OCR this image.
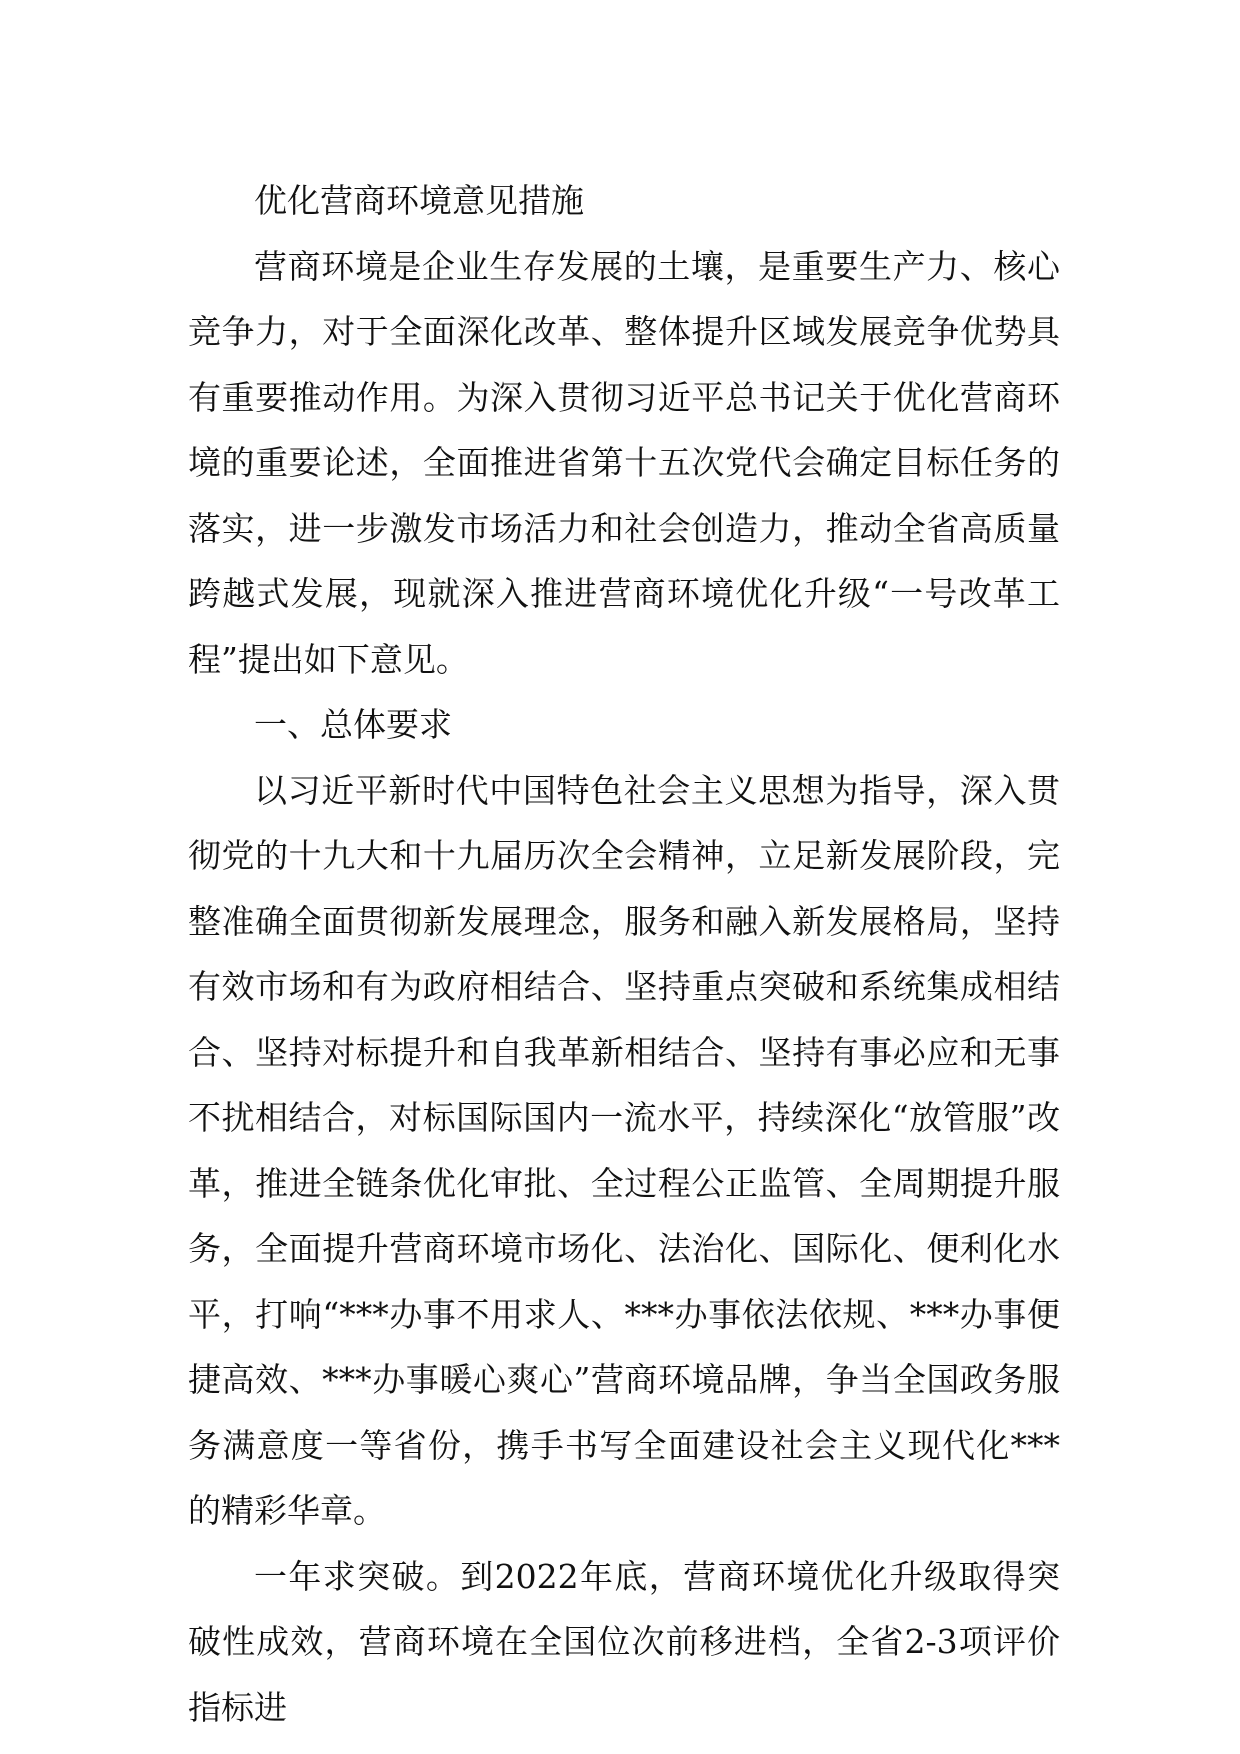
优化营商环境意见措施

营商环境是企业生存发展的土壤，是重要生产力、核心竞争力，对于全面深化改革、整体提升区域发展竞争优势具有重要推动作用。为深入贯彻习近平总书记关于优化营商环境的重要论述，全面推进省第十五次党代会确定目标任务的落实，进一步激发市场活力和社会创造力，推动全省高质量跨越式发展，现就深入推进营商环境优化升级“一号改革工程”提出如下意见。

一、总体要求

以习近平新时代中国特色社会主义思想为指导，深入贯彻党的十九大和十九届历次全会精神，立足新发展阶段，完整准确全面贯彻新发展理念，服务和融入新发展格局，坚持有效市场和有为政府相结合、坚持重点突破和系统集成相结合、坚持对标提升和自我革新相结合、坚持有事必应和无事不扰相结合，对标国际国内一流水平，持续深化“放管服”改革，推进全链条优化审批、全过程公正监管、全周期提升服务，全面提升营商环境市场化、法治化、国际化、便利化水平，打响“***办事不用求人、***办事依法依规、***办事便捷高效、***办事暖心爽心”营商环境品牌，争当全国政务服务满意度一等省份，携手书写全面建设社会主义现代化***的精彩华章。

一年求突破。到2022年底，营商环境优化升级取得突破性成效，营商环境在全国位次前移进档，全省2-3项评价指标进
